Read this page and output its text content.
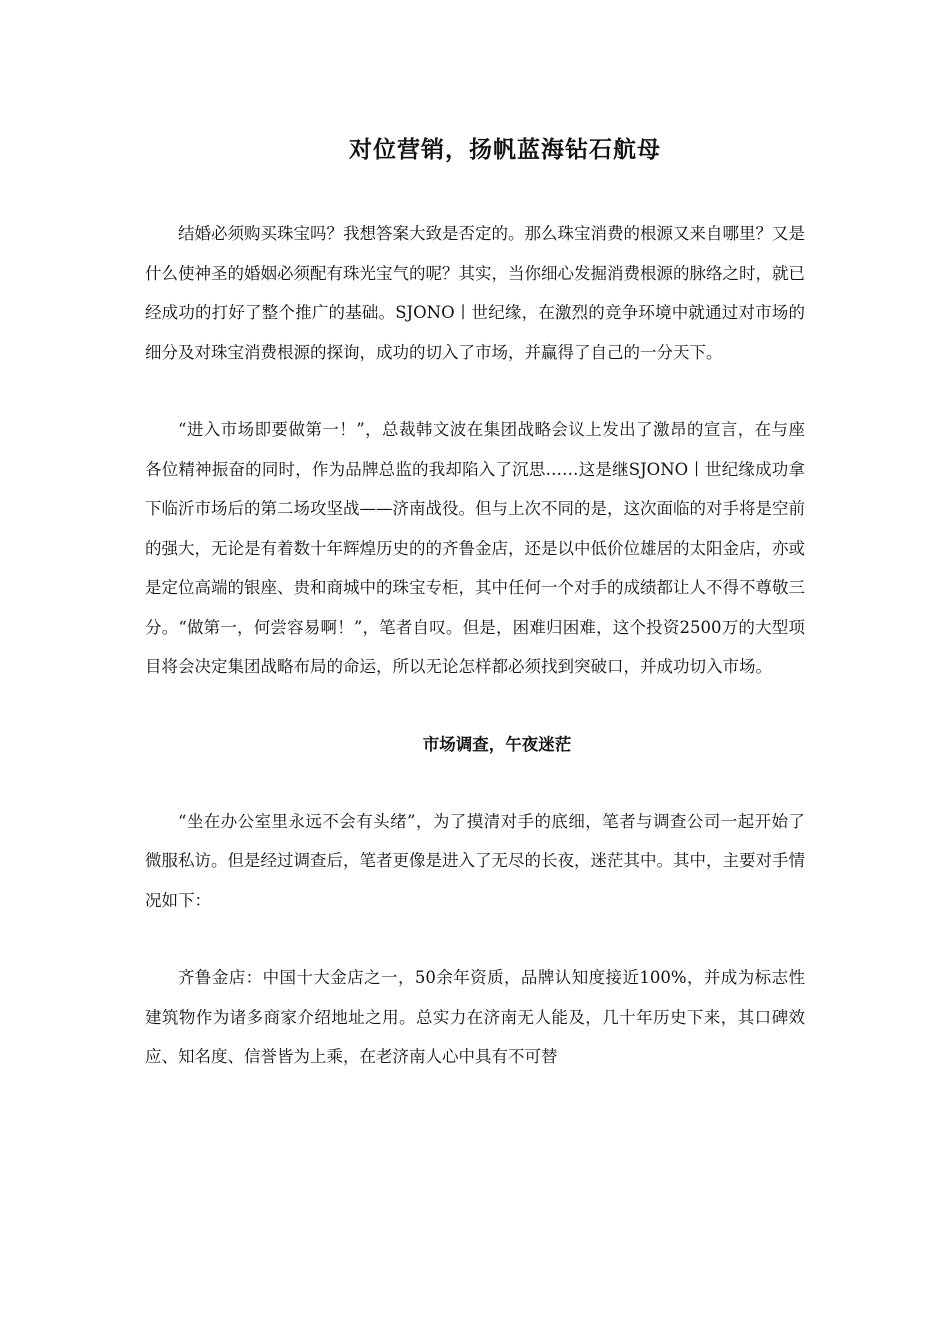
对位营销，扬帆蓝海钻石航母

结婚必须购买珠宝吗？我想答案大致是否定的。那么珠宝消费的根源又来自哪里？又是什么使神圣的婚姻必须配有珠光宝气的呢？其实，当你细心发掘消费根源的脉络之时，就已经成功的打好了整个推广的基础。SJONO丨世纪缘，在激烈的竞争环境中就通过对市场的细分及对珠宝消费根源的探询，成功的切入了市场，并赢得了自己的一分天下。

“进入市场即要做第一！”，总裁韩文波在集团战略会议上发出了激昂的宣言，在与座各位精神振奋的同时，作为品牌总监的我却陷入了沉思……这是继SJONO丨世纪缘成功拿下临沂市场后的第二场攻坚战——济南战役。但与上次不同的是，这次面临的对手将是空前的强大，无论是有着数十年辉煌历史的的齐鲁金店，还是以中低价位雄居的太阳金店，亦或是定位高端的银座、贵和商城中的珠宝专柜，其中任何一个对手的成绩都让人不得不尊敬三分。“做第一，何尝容易啊！”，笔者自叹。但是，困难归困难，这个投资2500万的大型项目将会决定集团战略布局的命运，所以无论怎样都必须找到突破口，并成功切入市场。

市场调查，午夜迷茫

“坐在办公室里永远不会有头绪”，为了摸清对手的底细，笔者与调查公司一起开始了微服私访。但是经过调查后，笔者更像是进入了无尽的长夜，迷茫其中。其中，主要对手情况如下：

齐鲁金店：中国十大金店之一，50余年资质，品牌认知度接近100%，并成为标志性建筑物作为诸多商家介绍地址之用。总实力在济南无人能及，几十年历史下来，其口碑效应、知名度、信誉皆为上乘，在老济南人心中具有不可替
